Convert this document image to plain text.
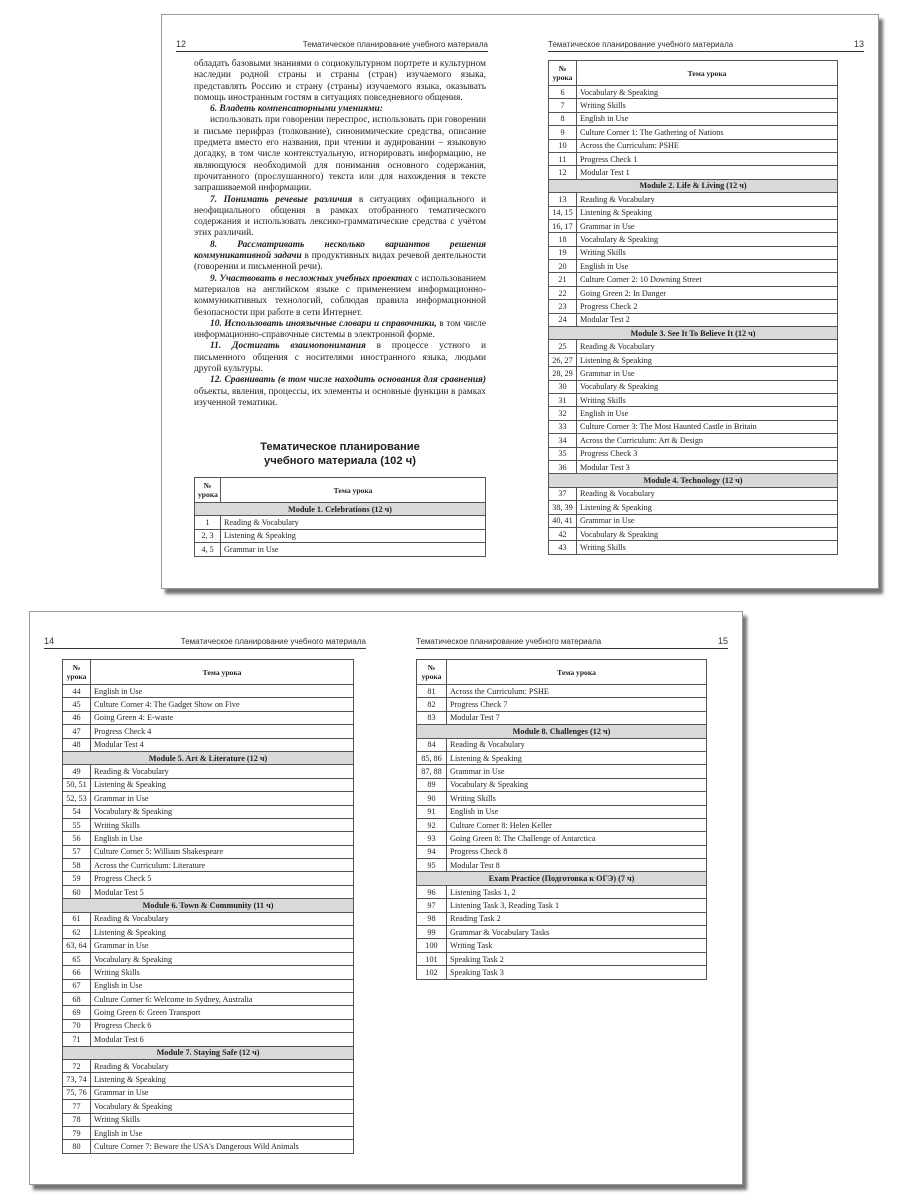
12	Тематическое планирование учебного материала

обладать базовыми знаниями о социокультурном портрете и культурном наследии родной страны и страны (стран) изучаемого языка, представлять Россию и страну (страны) изучаемого языка, оказывать помощь иностранным гостям в ситуациях повседневного общения.

6. Владеть компенсаторными умениями:

использовать при говорении переспрос, использовать при говорении и письме перифраз (толкование), синонимические средства, описание предмета вместо его названия, при чтении и аудировании – языковую догадку, в том числе контекстуальную, игнорировать информацию, не являющуюся необходимой для понимания основного содержания, прочитанного (прослушанного) текста или для нахождения в тексте запрашиваемой информации.

7. Понимать речевые различия в ситуациях официального и неофициального общения в рамках отобранного тематического содержания и использовать лексико-грамматические средства с учётом этих различий.

8. Рассматривать несколько вариантов решения коммуникативной задачи в продуктивных видах речевой деятельности (говорении и письменной речи).

9. Участвовать в несложных учебных проектах с использованием материалов на английском языке с применением информационно-коммуникативных технологий, соблюдая правила информационной безопасности при работе в сети Интернет.

10. Использовать иноязычные словари и справочники, в том числе информационно-справочные системы в электронной форме.

11. Достигать взаимопонимания в процессе устного и письменного общения с носителями иностранного языка, людьми другой культуры.

12. Сравнивать (в том числе находить основания для сравнения) объекты, явления, процессы, их элементы и основные функции в рамках изученной тематики.

Тематическое планирование
учебного материала (102 ч)
№ урока	Тема урока
Module 1. Celebrations (12 ч)	
1	Reading & Vocabulary
2, 3	Listening & Speaking
4, 5	Grammar in Use
Тематическое планирование учебного материала	13
№ урока	Тема урока
6	Vocabulary & Speaking
7	Writing Skills
8	English in Use
9	Culture Corner 1: The Gathering of Nations
10	Across the Curriculum: PSHE
11	Progress Check 1
12	Modular Test 1
Module 2. Life & Living (12 ч)	
13	Reading & Vocabulary
14, 15	Listening & Speaking
16, 17	Grammar in Use
18	Vocabulary & Speaking
19	Writing Skills
20	English in Use
21	Culture Corner 2: 10 Downing Street
22	Going Green 2: In Danger
23	Progress Check 2
24	Modular Test 2
Module 3. See It To Believe It (12 ч)	
25	Reading & Vocabulary
26, 27	Listening & Speaking
28, 29	Grammar in Use
30	Vocabulary & Speaking
31	Writing Skills
32	English in Use
33	Culture Corner 3: The Most Haunted Castle in Britain
34	Across the Curriculum: Art & Design
35	Progress Check 3
36	Modular Test 3
Module 4. Technology (12 ч)	
37	Reading & Vocabulary
38, 39	Listening & Speaking
40, 41	Grammar in Use
42	Vocabulary & Speaking
43	Writing Skills
14	Тематическое планирование учебного материала
№ урока	Тема урока
44	English in Use
45	Culture Corner 4: The Gadget Show on Five
46	Going Green 4: E-waste
47	Progress Check 4
48	Modular Test 4
Module 5. Art & Literature (12 ч)	
49	Reading & Vocabulary
50, 51	Listening & Speaking
52, 53	Grammar in Use
54	Vocabulary & Speaking
55	Writing Skills
56	English in Use
57	Culture Corner 5: William Shakespeare
58	Across the Curriculum: Literature
59	Progress Check 5
60	Modular Test 5
Module 6. Town & Community (11 ч)	
61	Reading & Vocabulary
62	Listening & Speaking
63, 64	Grammar in Use
65	Vocabulary & Speaking
66	Writing Skills
67	English in Use
68	Culture Corner 6: Welcome to Sydney, Australia
69	Going Green 6: Green Transport
70	Progress Check 6
71	Modular Test 6
Module 7. Staying Safe (12 ч)	
72	Reading & Vocabulary
73, 74	Listening & Speaking
75, 76	Grammar in Use
77	Vocabulary & Speaking
78	Writing Skills
79	English in Use
80	Culture Corner 7: Beware the USA's Dangerous Wild Animals
Тематическое планирование учебного материала	15
№ урока	Тема урока
81	Across the Curriculum: PSHE
82	Progress Check 7
83	Modular Test 7
Module 8. Challenges (12 ч)	
84	Reading & Vocabulary
85, 86	Listening & Speaking
87, 88	Grammar in Use
89	Vocabulary & Speaking
90	Writing Skills
91	English in Use
92	Culture Corner 8: Helen Keller
93	Going Green 8: The Challenge of Antarctica
94	Progress Check 8
95	Modular Test 8
Exam Practice (Подготовка к ОГЭ) (7 ч)	
96	Listening Tasks 1, 2
97	Listening Task 3, Reading Task 1
98	Reading Task 2
99	Grammar & Vocabulary Tasks
100	Writing Task
101	Speaking Task 2
102	Speaking Task 3
